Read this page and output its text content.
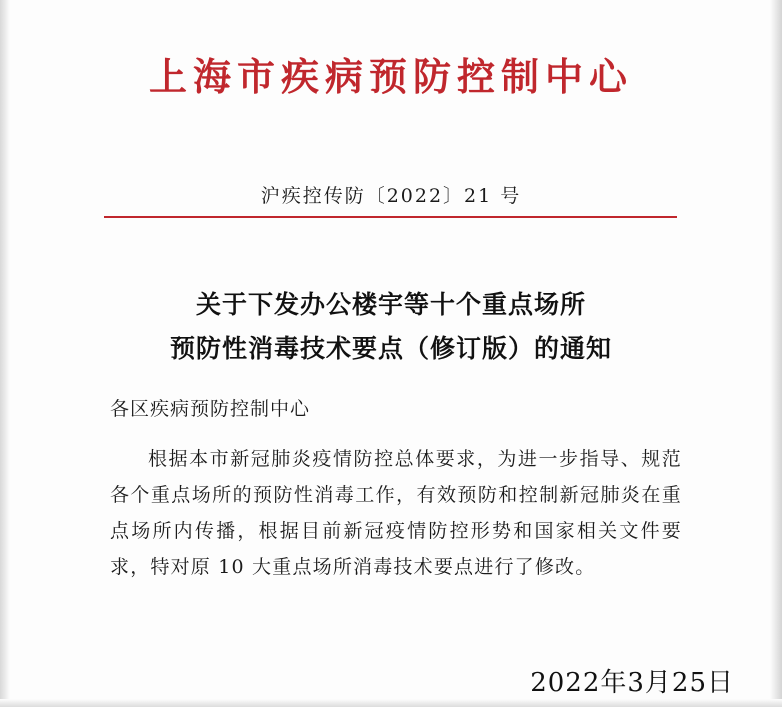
上海市疾病预防控制中心
沪疾控传防〔2022〕21 号
关于下发办公楼宇等十个重点场所
预防性消毒技术要点（修订版）的通知
各区疾病预防控制中心
根据本市新冠肺炎疫情防控总体要求，为进一步指导、规范各个重点场所的预防性消毒工作，有效预防和控制新冠肺炎在重点场所内传播，根据目前新冠疫情防控形势和国家相关文件要求，特对原 10 大重点场所消毒技术要点进行了修改。
2022年3月25日
